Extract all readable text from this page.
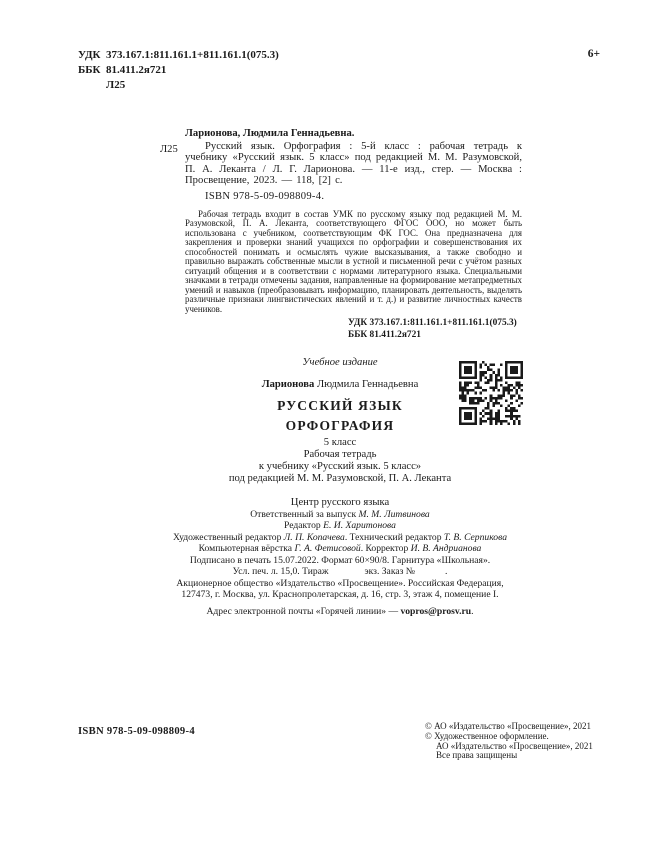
УДК 373.167.1:811.161.1+811.161.1(075.3)
ББК 81.411.2я721
Л25
6+
Л25

Ларионова, Людмила Геннадьевна.

Русский язык. Орфография : 5-й класс : рабочая тетрадь к учебнику «Русский язык. 5 класс» под редакцией М. М. Разумовской, П. А. Леканта / Л. Г. Ларионова. — 11-е изд., стер. — Москва : Просвещение, 2023. — 118, [2] с.

ISBN 978-5-09-098809-4.

Рабочая тетрадь входит в состав УМК по русскому языку под редакцией М. М. Разумовской, П. А. Леканта, соответствующего ФГОС ООО, но может быть использована с учебником, соответствующим ФК ГОС. Она предназначена для закрепления и проверки знаний учащихся по орфографии и совершенствования их способностей понимать и осмыслять чужие высказывания, а также свободно и правильно выражать собственные мысли в устной и письменной речи с учётом разных ситуаций общения и в соответствии с нормами литературного языка. Специальными значками в тетради отмечены задания, направленные на формирование метапредметных умений и навыков (преобразовывать информацию, планировать деятельность, выделять различные признаки лингвистических явлений и т. д.) и развитие личностных качеств учеников.

УДК 373.167.1:811.161.1+811.161.1(075.3)
ББК 81.411.2я721
Учебное издание
Ларионова Людмила Геннадьевна
РУССКИЙ ЯЗЫК
ОРФОГРАФИЯ
5 класс
Рабочая тетрадь
к учебнику «Русский язык. 5 класс»
под редакцией М. М. Разумовской, П. А. Леканта
Центр русского языка
Ответственный за выпуск М. М. Литвинова
Редактор Е. И. Харитонова
Художественный редактор Л. П. Копачева. Технический редактор Т. В. Серпикова
Компьютерная вёрстка Г. А. Фетисовой. Корректор И. В. Андрианова
Подписано в печать 15.07.2022. Формат 60×90/8. Гарнитура «Школьная».
Усл. печ. л. 15,0. Тираж	экз. Заказ №	.
Акционерное общество «Издательство «Просвещение». Российская Федерация,
127473, г. Москва, ул. Краснопролетарская, д. 16, стр. 3, этаж 4, помещение I.
Адрес электронной почты «Горячей линии» — vopros@prosv.ru.
ISBN 978-5-09-098809-4	© АО «Издательство «Просвещение», 2021
© Художественное оформление.
АО «Издательство «Просвещение», 2021
Все права защищены
